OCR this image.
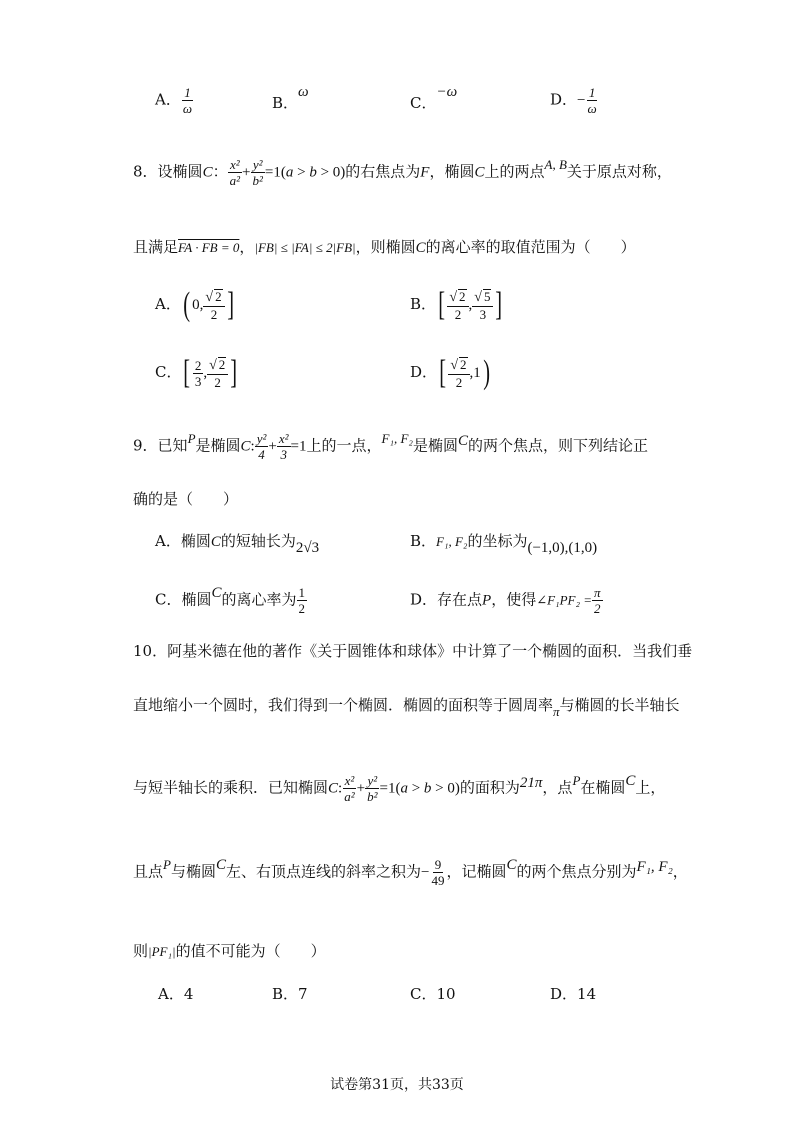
A． $\frac{1}{\omega}$	B．ω
C．−ω	D．− $\frac{1}{\omega}$
8．设椭圆C： $\frac{\text{x²}}{\text{a²}} + \frac{\text{y²}}{\text{b²}} =1(a > b > 0)$的右焦点为F，椭圆C上的两点A, B关于原点对称，
且满足FA · FB = 0，|FB| ≤ |FA| ≤ 2|FB|，则椭圆C的离心率的取值范围为（　　）
A．( 0, $\frac{√ 2}{2}$ ]	B．[ $\frac{√ 2}{2}$ , $\frac{√ 5}{3}$ ]
C．[ $\frac{2}{3}$ , $\frac{√ 2}{2}$ ]	D．[ $\frac{√ 2}{2} ,1$)
9．已知P是椭圆C: $\frac{\text{y²}}{4} + \frac{\text{x²}}{3} =1$上的一点，F₁, F₂是椭圆C的两个焦点，则下列结论正
确的是（　　）
A．椭圆C的短轴长为2√3	B．F₁, F₂的坐标为(−1,0),(1,0)
C．椭圆C的离心率为 $\frac{1}{2}$	D．存在点P，使得∠F₁PF₂ = $\frac{\pi}{2}$
10．阿基米德在他的著作《关于圆锥体和球体》中计算了一个椭圆的面积．当我们垂
直地缩小一个圆时，我们得到一个椭圆．椭圆的面积等于圆周率π与椭圆的长半轴长
与短半轴长的乘积．已知椭圆C: $\frac{\text{x²}}{\text{a²}} + \frac{\text{y²}}{\text{b²}} =1(a > b > 0)$的面积为21π，点P在椭圆C上，
且点P与椭圆C左、右顶点连线的斜率之积为− $\frac{9}{49}$ ，记椭圆C的两个焦点分别为F₁, F₂，
则|PF₁|的值不可能为（　　）
A．4	B．7	C．10	D．14
试卷第31页，共33页
